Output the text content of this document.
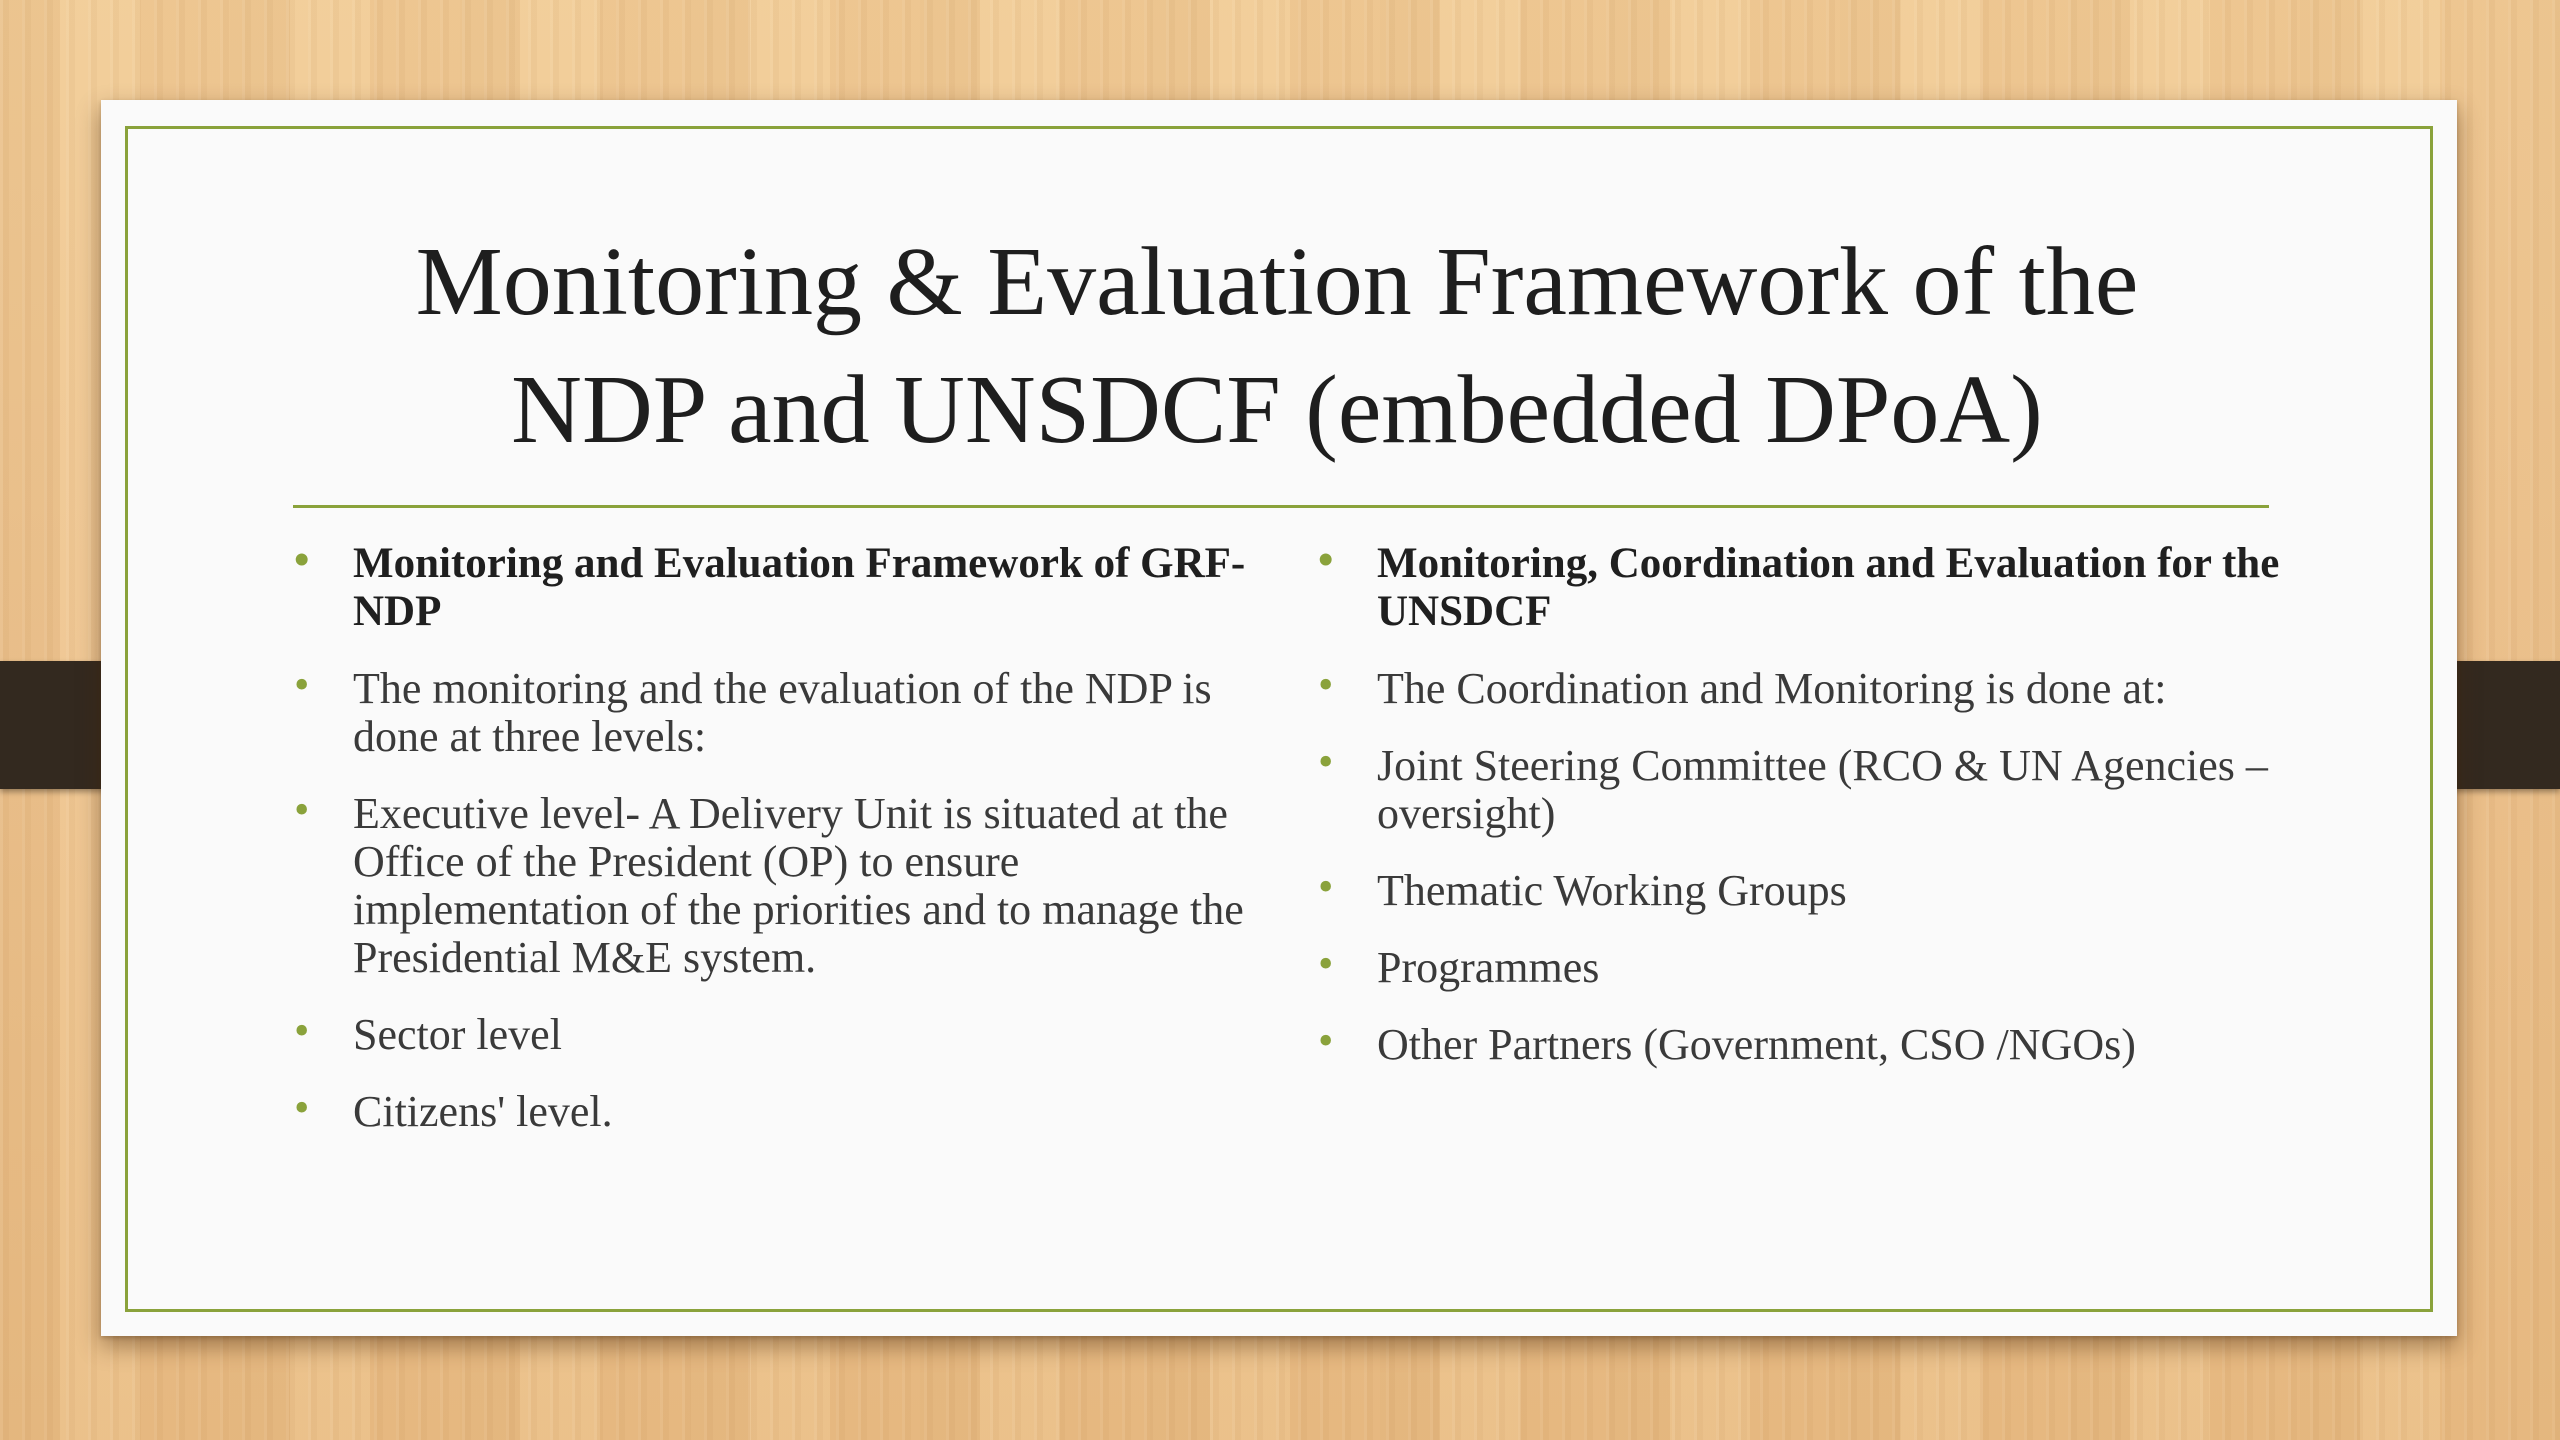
Monitoring & Evaluation Framework of the
NDP and UNSDCF (embedded DPoA)
• Monitoring and Evaluation Framework of GRF-NDP
• The monitoring and the evaluation of the NDP is done at three levels:
• Executive level- A Delivery Unit is situated at the Office of the President (OP) to ensure implementation of the priorities and to manage the Presidential M&E system.
• Sector level
• Citizens' level.
• Monitoring, Coordination and Evaluation for the UNSDCF
• The Coordination and Monitoring is done at:
• Joint Steering Committee (RCO & UN Agencies –oversight)
• Thematic Working Groups
• Programmes
• Other Partners (Government, CSO /NGOs)
